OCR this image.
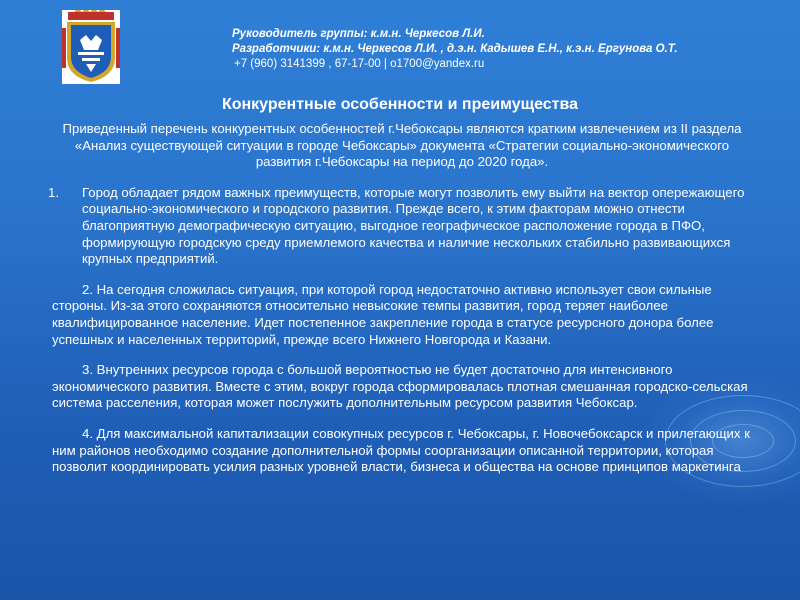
Руководитель группы: к.м.н. Черкесов Л.И.
Разработчики: к.м.н. Черкесов Л.И. , д.э.н. Кадышев Е.Н., к.э.н. Ергунова О.Т.
+7 (960) 3141399 , 67-17-00 | o1700@yandex.ru
Конкурентные особенности и преимущества

Приведенный перечень конкурентных особенностей г.Чебоксары являются кратким извлечением из II раздела «Анализ существующей ситуации в городе Чебоксары» документа «Стратегии социально-экономического развития г.Чебоксары на период до 2020 года».

1. Город обладает рядом важных преимуществ, которые могут позволить ему выйти на вектор опережающего социально-экономического и городского развития. Прежде всего, к этим факторам можно отнести благоприятную демографическую ситуацию, выгодное географическое расположение города в ПФО, формирующую городскую среду приемлемого качества и наличие нескольких стабильно развивающихся крупных предприятий.

2. На сегодня сложилась ситуация, при которой город недостаточно активно использует свои сильные стороны. Из-за этого сохраняются относительно невысокие темпы развития, город теряет наиболее квалифицированное население. Идет постепенное закрепление города в статусе ресурсного донора более успешных и населенных территорий, прежде всего Нижнего Новгорода и Казани.

3. Внутренних ресурсов города с большой вероятностью не будет достаточно для интенсивного экономического развития. Вместе с этим, вокруг города сформировалась плотная смешанная городско-сельская система расселения, которая может послужить дополнительным ресурсом развития Чебоксар.

4. Для максимальной капитализации совокупных ресурсов г. Чебоксары, г. Новочебоксарск и прилегающих к ним районов необходимо создание дополнительной формы соорганизации описанной территории, которая позволит координировать усилия разных уровней власти, бизнеса и общества на основе принципов маркетинга
